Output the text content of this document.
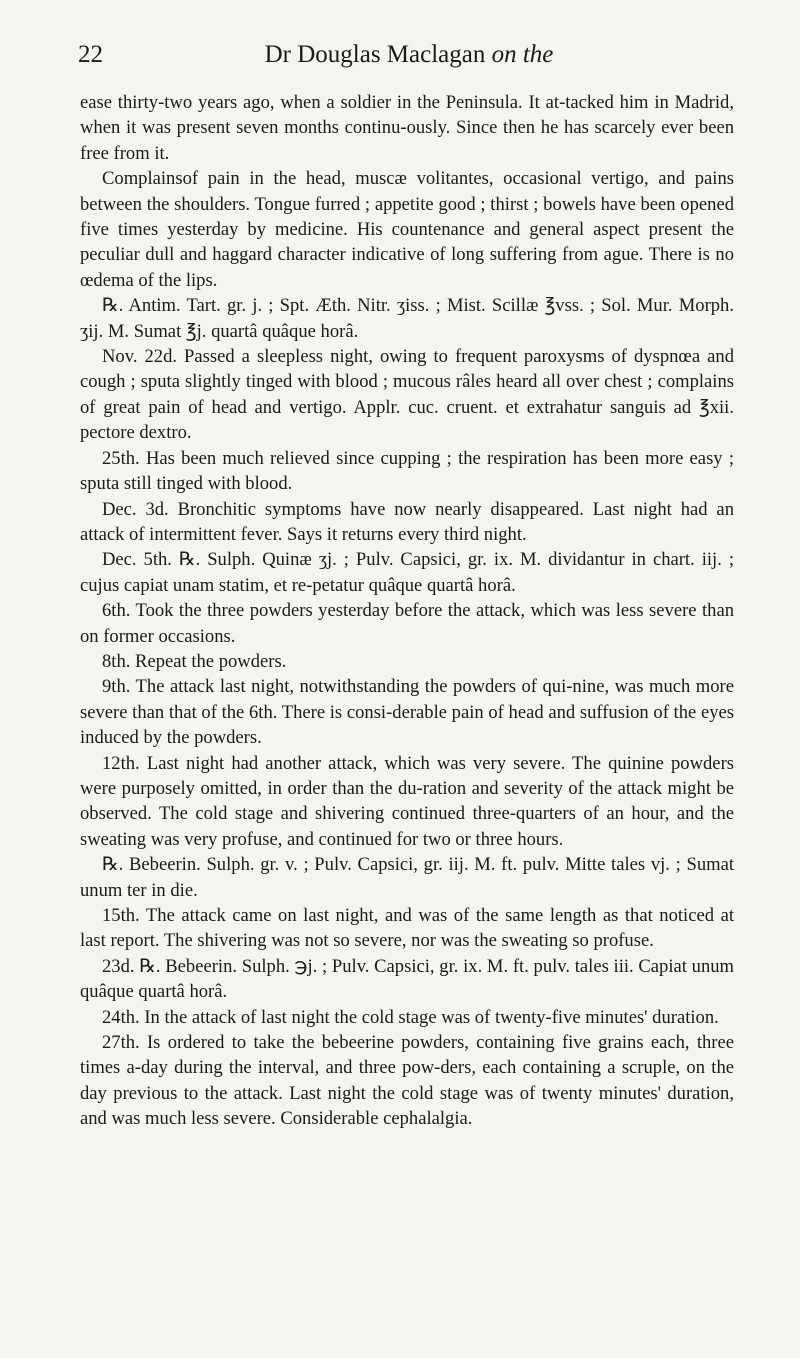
22	Dr Douglas Maclagan on the

ease thirty-two years ago, when a soldier in the Peninsula. It at-tacked him in Madrid, when it was present seven months continu-ously. Since then he has scarcely ever been free from it.

Complainsof pain in the head, muscæ volitantes, occasional vertigo, and pains between the shoulders. Tongue furred ; appetite good ; thirst ; bowels have been opened five times yesterday by medicine. His countenance and general aspect present the peculiar dull and haggard character indicative of long suffering from ague. There is no œdema of the lips.

℞. Antim. Tart. gr. j. ; Spt. Æth. Nitr. ʒiss. ; Mist. Scillæ ℥vss. ; Sol. Mur. Morph. ʒij. M. Sumat ℥j. quartâ quâque horâ.

Nov. 22d. Passed a sleepless night, owing to frequent paroxysms of dyspnœa and cough ; sputa slightly tinged with blood ; mucous râles heard all over chest ; complains of great pain of head and vertigo. Applr. cuc. cruent. et extrahatur sanguis ad ℥xii. pectore dextro.

25th. Has been much relieved since cupping ; the respiration has been more easy ; sputa still tinged with blood.

Dec. 3d. Bronchitic symptoms have now nearly disappeared. Last night had an attack of intermittent fever. Says it returns every third night.

Dec. 5th. ℞. Sulph. Quinæ ʒj. ; Pulv. Capsici, gr. ix. M. dividantur in chart. iij. ; cujus capiat unam statim, et re-petatur quâque quartâ horâ.

6th. Took the three powders yesterday before the attack, which was less severe than on former occasions.

8th. Repeat the powders.

9th. The attack last night, notwithstanding the powders of qui-nine, was much more severe than that of the 6th. There is consi-derable pain of head and suffusion of the eyes induced by the powders.

12th. Last night had another attack, which was very severe. The quinine powders were purposely omitted, in order than the du-ration and severity of the attack might be observed. The cold stage and shivering continued three-quarters of an hour, and the sweating was very profuse, and continued for two or three hours.

℞. Bebeerin. Sulph. gr. v. ; Pulv. Capsici, gr. iij. M. ft. pulv. Mitte tales vj. ; Sumat unum ter in die.

15th. The attack came on last night, and was of the same length as that noticed at last report. The shivering was not so severe, nor was the sweating so profuse.

23d. ℞. Bebeerin. Sulph. ℈j. ; Pulv. Capsici, gr. ix. M. ft. pulv. tales iii. Capiat unum quâque quartâ horâ.

24th. In the attack of last night the cold stage was of twenty-five minutes' duration.

27th. Is ordered to take the bebeerine powders, containing five grains each, three times a-day during the interval, and three pow-ders, each containing a scruple, on the day previous to the attack. Last night the cold stage was of twenty minutes' duration, and was much less severe. Considerable cephalalgia.
